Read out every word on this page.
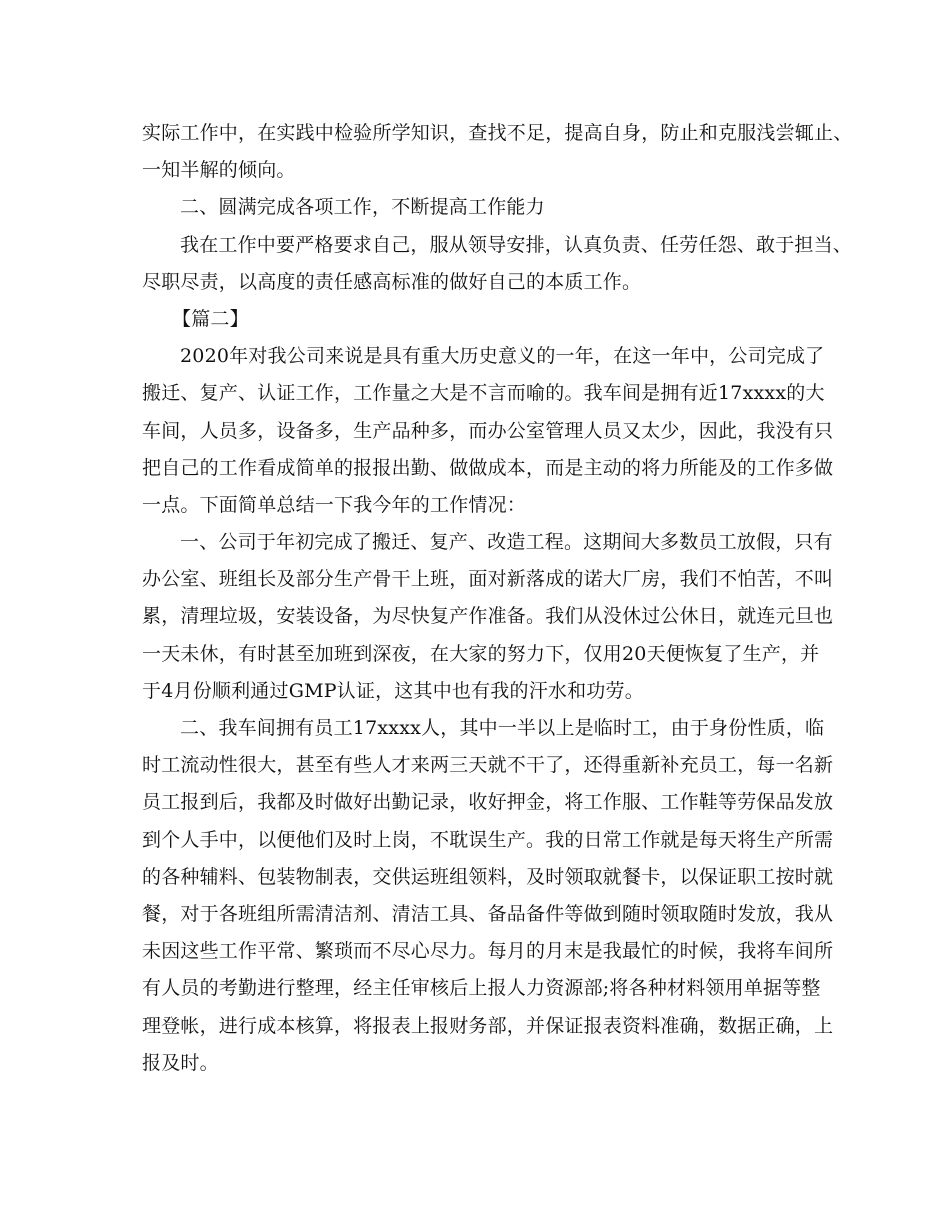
实际工作中，在实践中检验所学知识，查找不足，提高自身，防止和克服浅尝辄止、
一知半解的倾向。
二、圆满完成各项工作，不断提高工作能力
我在工作中要严格要求自己，服从领导安排，认真负责、任劳任怨、敢于担当、
尽职尽责，以高度的责任感高标准的做好自己的本质工作。
【篇二】
2020年对我公司来说是具有重大历史意义的一年，在这一年中，公司完成了
搬迁、复产、认证工作，工作量之大是不言而喻的。我车间是拥有近17xxxx的大
车间，人员多，设备多，生产品种多，而办公室管理人员又太少，因此，我没有只
把自己的工作看成简单的报报出勤、做做成本，而是主动的将力所能及的工作多做
一点。下面简单总结一下我今年的工作情况：
一、公司于年初完成了搬迁、复产、改造工程。这期间大多数员工放假，只有
办公室、班组长及部分生产骨干上班，面对新落成的诺大厂房，我们不怕苦，不叫
累，清理垃圾，安装设备，为尽快复产作准备。我们从没休过公休日，就连元旦也
一天未休，有时甚至加班到深夜，在大家的努力下，仅用20天便恢复了生产，并
于4月份顺利通过GMP认证，这其中也有我的汗水和功劳。
二、我车间拥有员工17xxxx人，其中一半以上是临时工，由于身份性质，临
时工流动性很大，甚至有些人才来两三天就不干了，还得重新补充员工，每一名新
员工报到后，我都及时做好出勤记录，收好押金，将工作服、工作鞋等劳保品发放
到个人手中，以便他们及时上岗，不耽误生产。我的日常工作就是每天将生产所需
的各种辅料、包装物制表，交供运班组领料，及时领取就餐卡，以保证职工按时就
餐，对于各班组所需清洁剂、清洁工具、备品备件等做到随时领取随时发放，我从
未因这些工作平常、繁琐而不尽心尽力。每月的月末是我最忙的时候，我将车间所
有人员的考勤进行整理，经主任审核后上报人力资源部;将各种材料领用单据等整
理登帐，进行成本核算，将报表上报财务部，并保证报表资料准确，数据正确，上
报及时。
